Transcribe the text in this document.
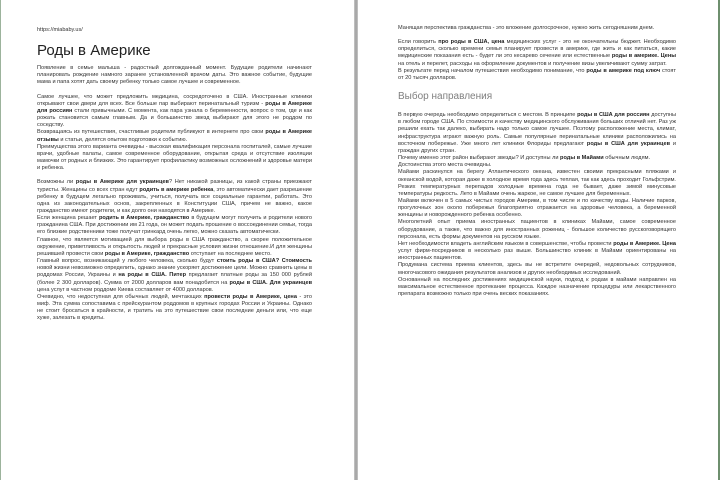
https://miababy.us/
Роды в Америке

Появление в семье малыша - радостный долгожданный момент. Будущие родители начинают планировать рождение намного заранее установленной врачом даты. Это важное событие, будущие мама и папа хотят дать своему ребенку только самое лучшее и современное.

Самое лучшее, что может предложить медицина, сосредоточено в США. Иностранные клиники открывают свои двери для всех. Все больше пар выбирают перинатальный туризм - роды в Америке для россиян стали привычными. С момента, как пара узнала о беременности, вопрос о том, где и как рожать становится самым главным. Да и большинство звезд выбирают для этого не роддом по соседству.

Возвращаясь из путешествия, счастливые родители публикуют в интернете про свои роды в Америке отзывы и статьи, делятся опытом подготовки к событию.

Преимущества этого варианта очевидны - высокая квалификация персонала госпиталей, самые лучшие врачи, удобные палаты, самое современное оборудование, открытая среда и отсутствие изоляции мамочки от родных и близких. Это гарантирует профилактику возможных осложнений и здоровье матери и ребенка.

Возможны ли роды в Америке для украинцев? Нет никакой разницы, из какой страны приезжают туристы. Женщины со всех стран едут родить в америке ребенка, это автоматически дает разрешение ребенку в будущем легально проживать, учиться, получать все социальные гарантии, работать. Это одна из законодательных основ, закрепленных в Конституции США, причем не важно, какое гражданство имеют родители, и как долго они находятся в Америке.

Если женщина решает родить в Америке, гражданство в будущем могут получить и родители нового гражданина США. При достижении им 21 года, он может подать прошение о воссоединении семьи, тогда его близкие родственники тоже получат гринкард очень легко, можно сказать автоматически.

Главное, что является мотивацией для выбора роды в США гражданство, а скорее положительное окружение, приветливость и открытость людей и прекрасные условия жизни отношение.И для женщины решившей провести свои роды в Америке, гражданство отступает на последнее место.

Главный вопрос, возникающий у любого человека, сколько будут стоить роды в США? Стоимость новой жизни невозможно определить, однако знание ускоряет достижение цели. Можно сравнить цены в роддомах России, Украины и на роды в США. Питер предлагает платные роды за 150 000 рублей (более 2 300 долларов). Сумма от 2000 долларов вам понадобится на роды в США. Для украинцев цена услуг в частном роддоме Киева составляет от 4000 долларов.

Очевидно, что недоступная для обычных людей, мечтающих провести роды в Америке, цена - это миф. Эта сумма сопоставима с прейскурантом роддомов в крупных городах России и Украины. Однако не стоит бросаться в крайности, и тратить на это путешествие свои последние деньги или, что еще хуже, залезать в кредиты.

Манящая перспектива гражданства - это вложение долгосрочное, нужно жить сегодняшним днем.

Если говорить про роды в США, цена медицинских услуг - это не окончательны бюджет. Необходимо определиться, сколько времени семья планирует провести в америке, где жить и как питаться, какие медицинские показания есть - будет ли это кесарево сечение или естественные роды в америке. Цены на отель и перелет, расходы на оформление документов и получение визы увеличивают сумму затрат.

В результате перед началом путешествия необходимо понимание, что роды в америке под ключ стоят от 20 тысяч долларов.

Выбор направления

В первую очередь необходимо определиться с местом. В принципе роды в США для россиян доступны в любом городе США. По стоимости и качеству медицинского обслуживания больших отличий нет. Раз уж решили ехать так далеко, выбирать надо только самое лучшее. Поэтому расположение места, климат, инфраструктура играют важную роль. Самые популярные перинатальные клиники расположились на восточном побережье. Уже много лет клиники Флориды предлагают роды в США для украинцев и граждан других стран.

Почему именно этот район выбирают звезды? И доступны ли роды в Майами обычным людям.

Достоинства этого места очевидны.

Майами раскинулся на берегу Атлантического океана, известен своими прекрасными пляжами и океанской водой, которая даже в холодное время года здесь теплая, так как здесь проходит Гольфстрим. Резких температурных перепадов холодные времена года не бывает, даже зимой минусовые температуры редкость. Лето в Майами очень жаркое, не самое лучшее для беременных.

Майами включен в 5 самых чистых городов Америки, в том числе и по качеству воды. Наличие парков, прогулочных зон около побережья благоприятно отражается на здоровье человека, а беременной женщины и новорожденного ребенка особенно.

Многолетний опыт приема иностранных пациентов в клиниках Майами, самое современное оборудование, а также, что важно для иностранных рожениц - большое количество русскоговорящего персонала, есть формы документов на русском языке.

Нет необходимости владеть английским языком в совершенстве, чтобы провести роды в Америке. Цена услуг фирм-посредников в несколько раз выше. Большинство клиник в Майами ориентированы на иностранных пациентов.

Продумана система приема клиентов, здесь вы не встретите очередей, недовольных сотрудников, многочасового ожидания результатов анализов и других необходимых исследований.

Основанный на последних достижениях медицинской науки, подход к родам в майами направлен на максимальное естественное протекание процесса. Каждое назначение процедуры или лекарственного препарата возможно только при очень веских показаниях.
